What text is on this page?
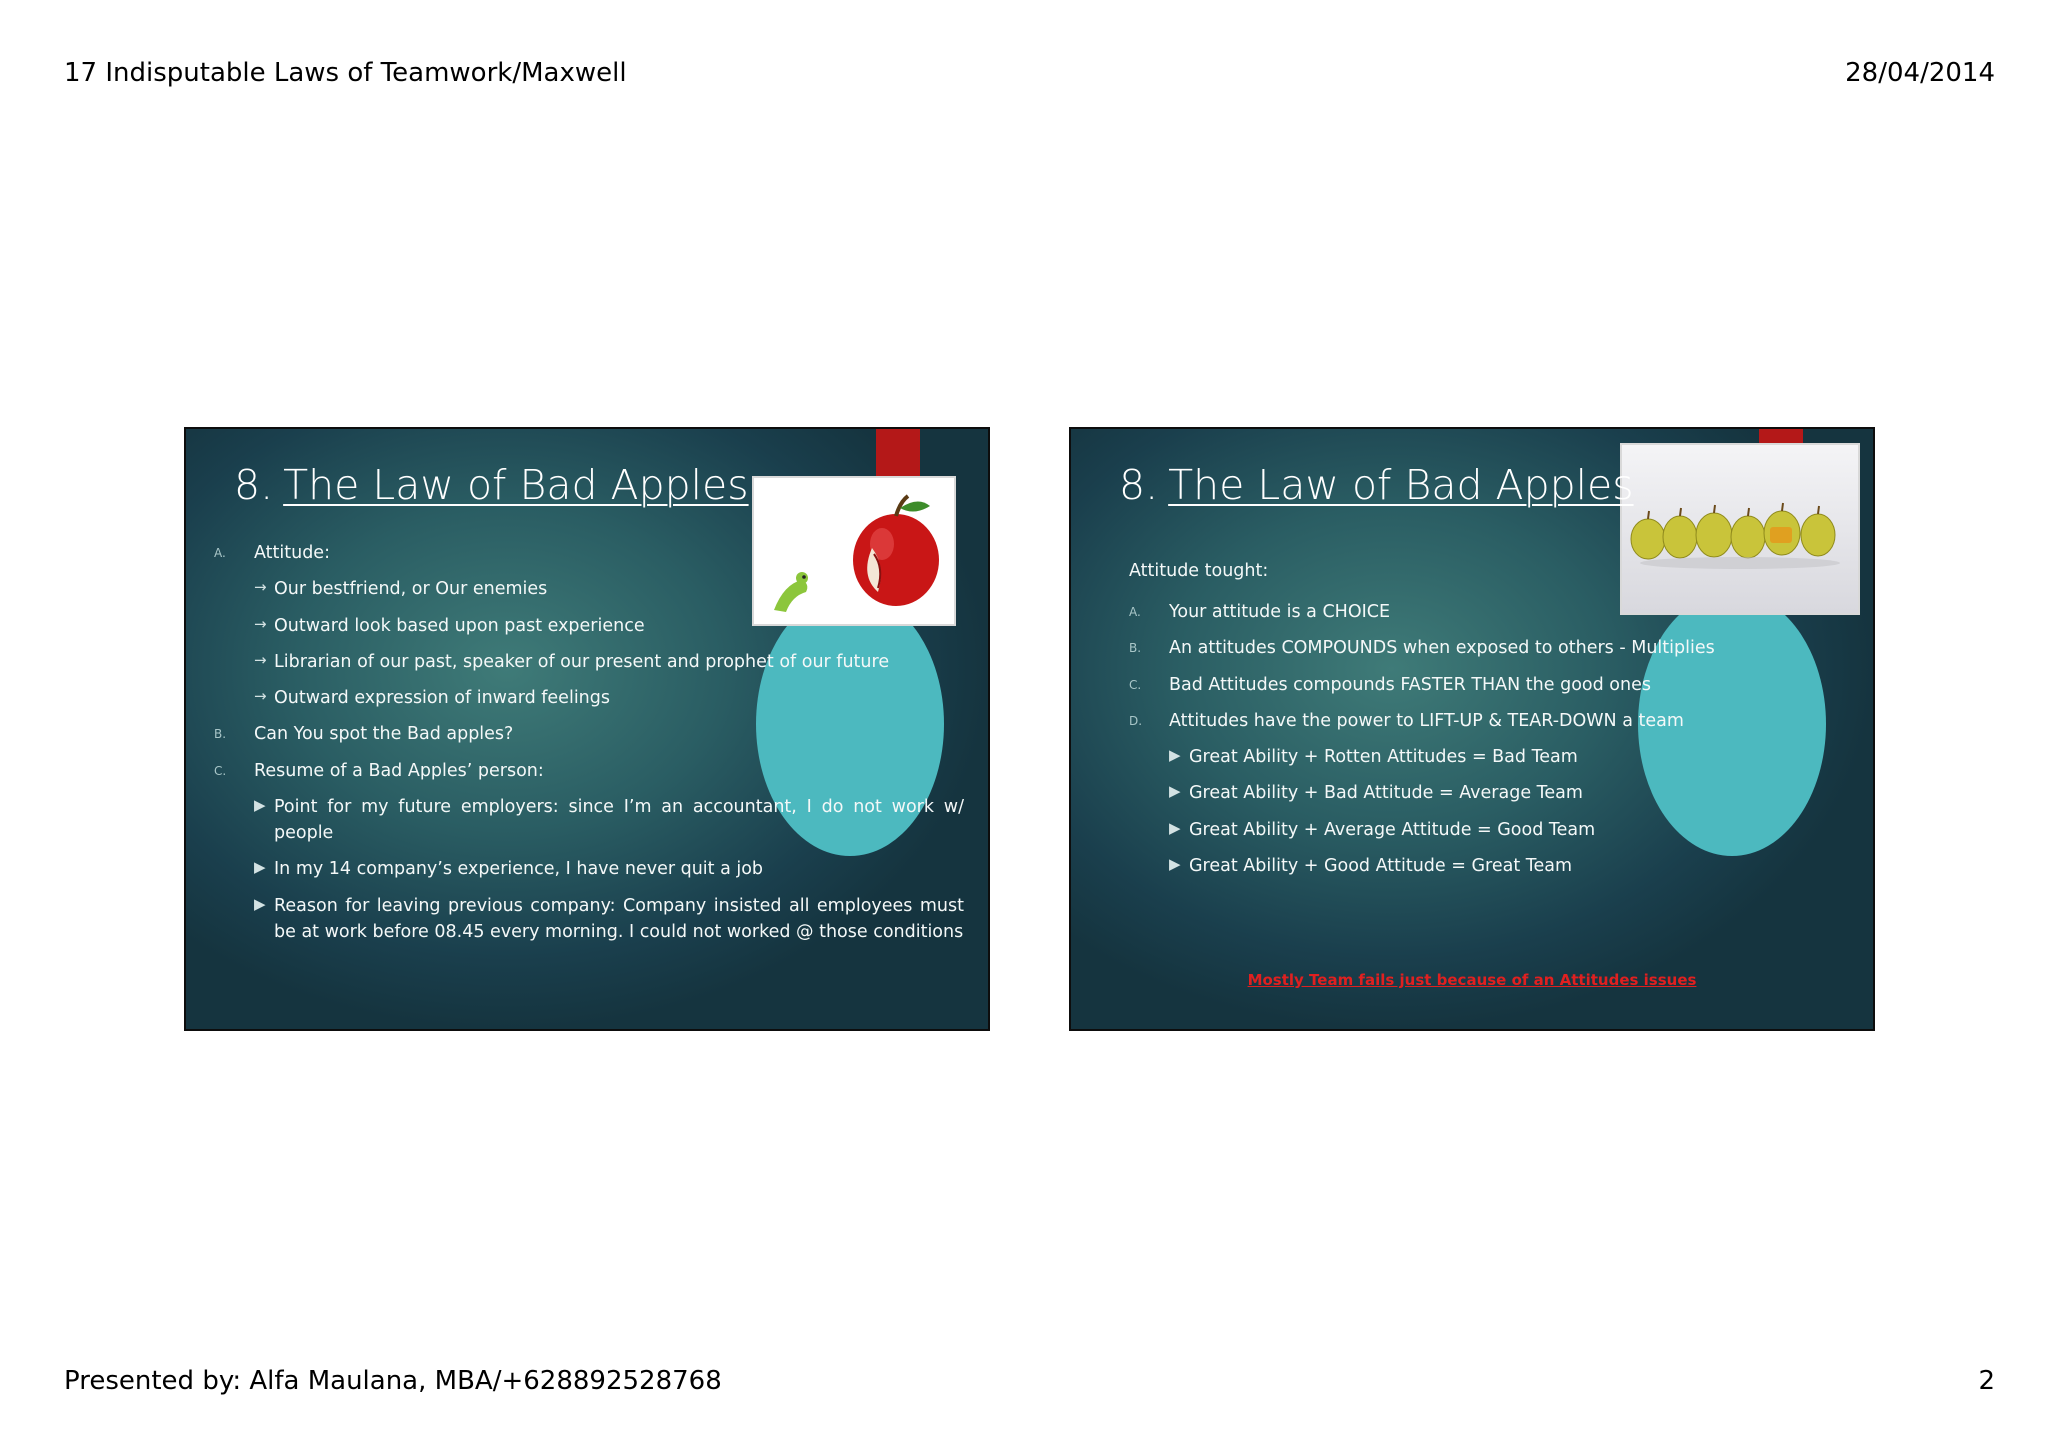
17 Indisputable Laws of Teamwork/Maxwell	28/04/2014
8. The Law of Bad Apples
A. Attitude:
→ Our bestfriend, or Our enemies
→ Outward look based upon past experience
→ Librarian of our past, speaker of our present and prophet of our future
→ Outward expression of inward feelings
B. Can You spot the Bad apples?
C. Resume of a Bad Apples’ person:
▶ Point for my future employers: since I’m an accountant, I do not work w/ people
▶ In my 14 company’s experience, I have never quit a job
▶ Reason for leaving previous company: Company insisted all employees must be at work before 08.45 every morning. I could not worked @ those conditions
8. The Law of Bad Apples
Attitude tought:
A. Your attitude is a CHOICE
B. An attitudes COMPOUNDS when exposed to others - Multiplies
C. Bad Attitudes compounds FASTER THAN the good ones
D. Attitudes have the power to LIFT-UP & TEAR-DOWN a team
▶ Great Ability + Rotten Attitudes = Bad Team
▶ Great Ability + Bad Attitude = Average Team
▶ Great Ability + Average Attitude = Good Team
▶ Great Ability + Good Attitude = Great Team
Mostly Team fails just because of an Attitudes issues
Presented by: Alfa Maulana, MBA/+628892528768	2
